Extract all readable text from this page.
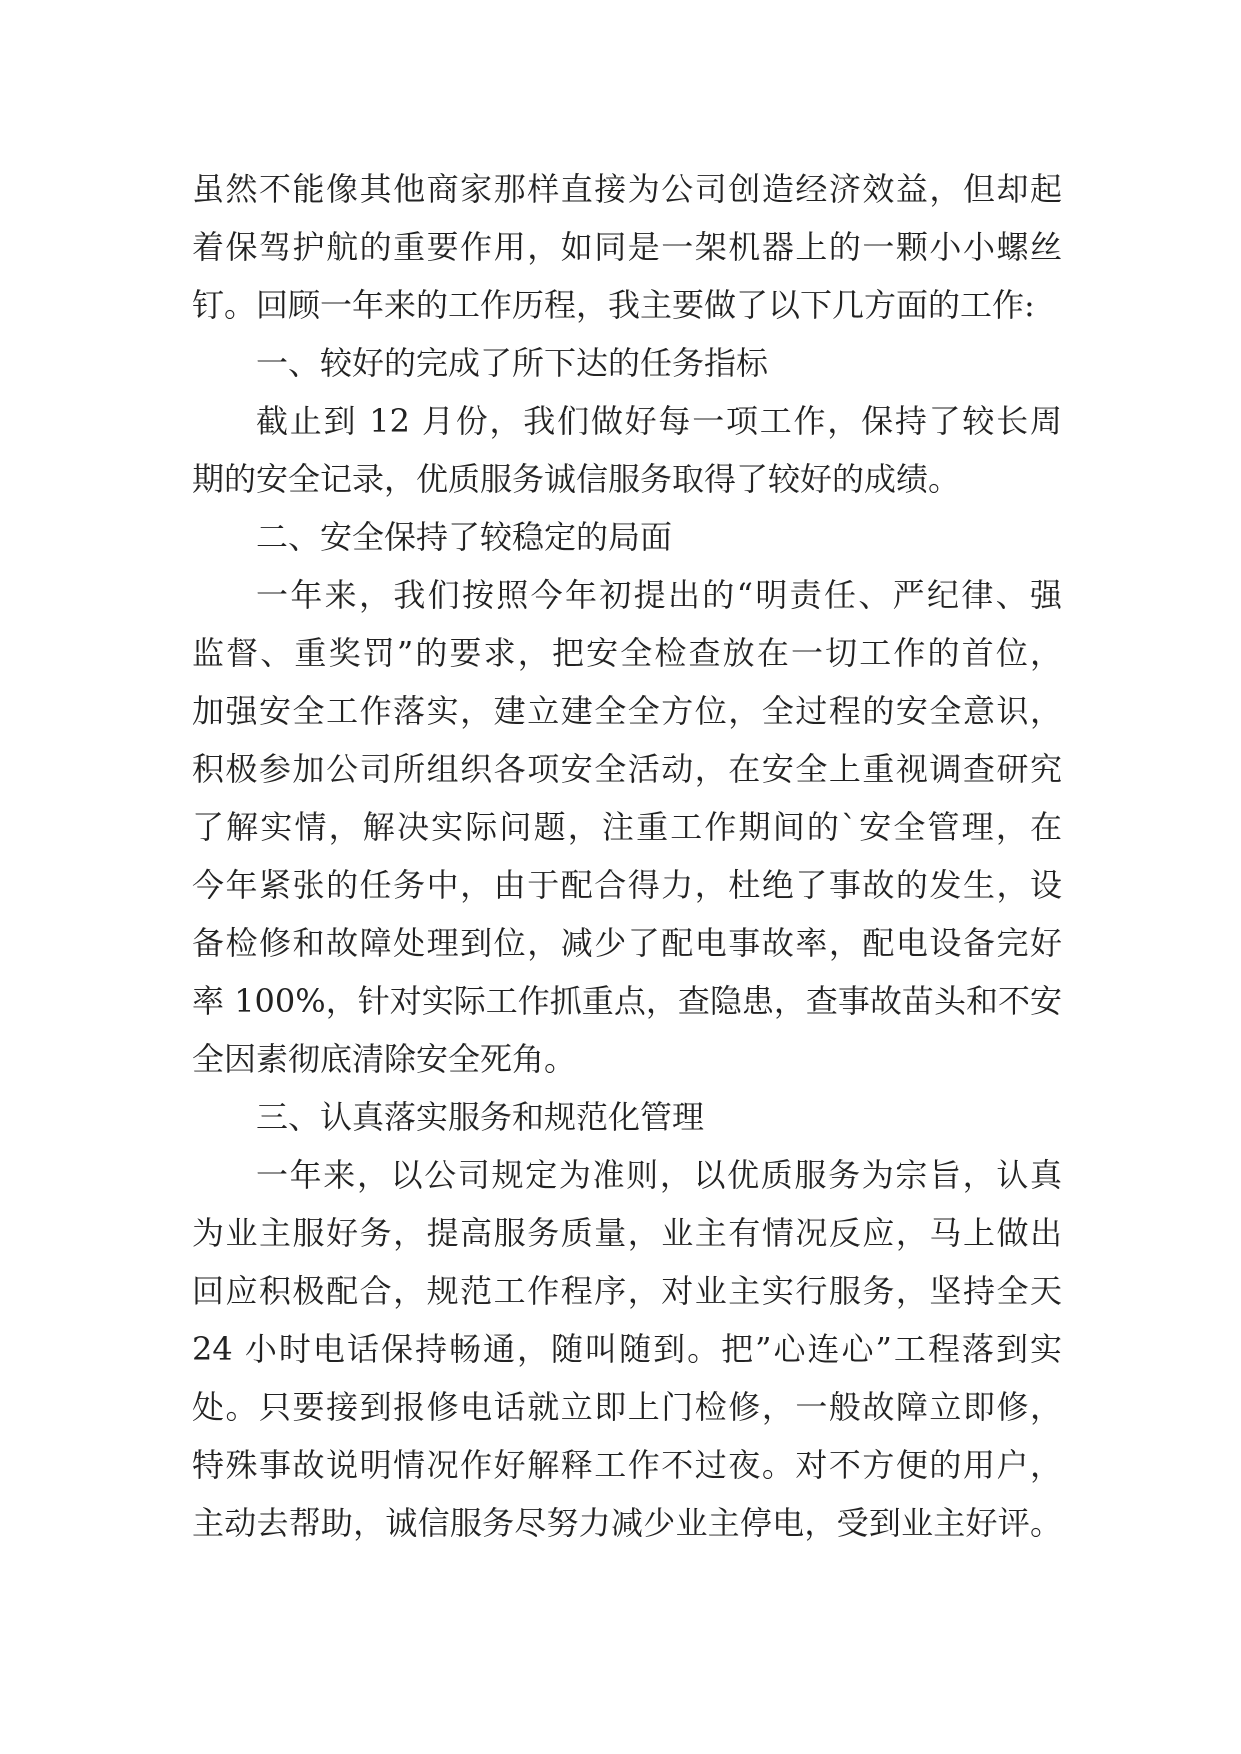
虽然不能像其他商家那样直接为公司创造经济效益，但却起
着保驾护航的重要作用，如同是一架机器上的一颗小小螺丝
钉。回顾一年来的工作历程，我主要做了以下几方面的工作:
一、较好的完成了所下达的任务指标
截止到 12 月份，我们做好每一项工作，保持了较长周
期的安全记录，优质服务诚信服务取得了较好的成绩。
二、安全保持了较稳定的局面
一年来，我们按照今年初提出的“明责任、严纪律、强
监督、重奖罚”的要求，把安全检查放在一切工作的首位，
加强安全工作落实，建立建全全方位，全过程的安全意识，
积极参加公司所组织各项安全活动，在安全上重视调查研究
了解实情，解决实际问题，注重工作期间的`安全管理，在
今年紧张的任务中，由于配合得力，杜绝了事故的发生，设
备检修和故障处理到位，减少了配电事故率，配电设备完好
率 100%，针对实际工作抓重点，查隐患，查事故苗头和不安
全因素彻底清除安全死角。
三、认真落实服务和规范化管理
一年来，以公司规定为准则，以优质服务为宗旨，认真
为业主服好务，提高服务质量，业主有情况反应，马上做出
回应积极配合，规范工作程序，对业主实行服务，坚持全天
24 小时电话保持畅通，随叫随到。把”心连心”工程落到实
处。只要接到报修电话就立即上门检修，一般故障立即修，
特殊事故说明情况作好解释工作不过夜。对不方便的用户，
主动去帮助，诚信服务尽努力减少业主停电，受到业主好评。
